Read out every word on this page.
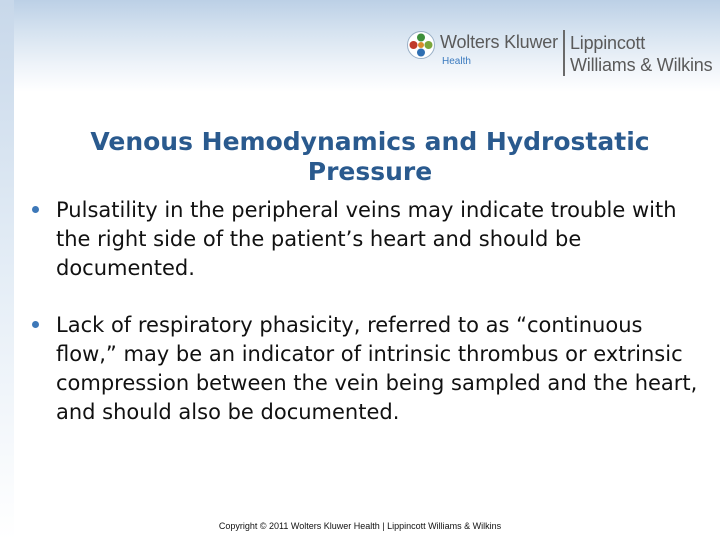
Wolters Kluwer
Health
Lippincott
Williams & Wilkins
Venous Hemodynamics and Hydrostatic
Pressure
Pulsatility in the peripheral veins may indicate trouble with the right side of the patient’s heart and should be documented.
Lack of respiratory phasicity, referred to as “continuous flow,” may be an indicator of intrinsic thrombus or extrinsic compression between the vein being sampled and the heart, and should also be documented.
Copyright © 2011 Wolters Kluwer Health | Lippincott Williams & Wilkins
